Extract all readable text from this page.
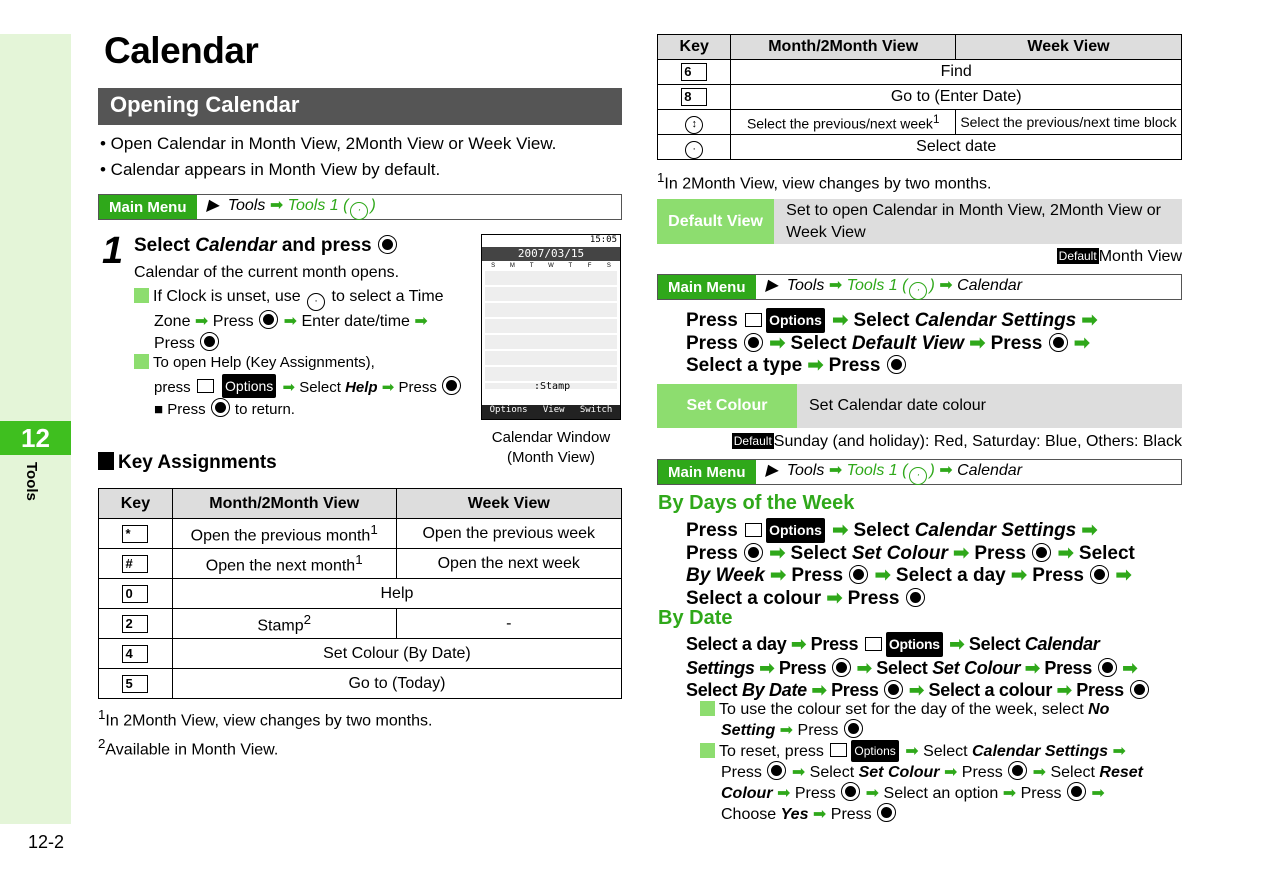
12
Tools
12-2
Calendar
Opening Calendar
• Open Calendar in Month View, 2Month View or Week View.
• Calendar appears in Month View by default.
Main Menu	▶  Tools ➡ Tools 1 ( · )
1 Select Calendar and press
Calendar of the current month opens.
If Clock is unset, use · to select a Time
Zone ➡ Press ➡ Enter date/time ➡
Press
To open Help (Key Assignments),
press Options ➡ Select Help ➡ Press
■ Press to return.
15:05
2007/03/15
S	M	T	W	T	F	S
:Stamp
Options View Switch
Calendar Window
(Month View)
Key Assignments
Key	Month/2Month View	Week View
*	Open the previous month$^1$	Open the previous week
#	Open the next month$^1$	Open the next week
0	Help	
2	Stamp$^2$	-
4	Set Colour (By Date)	
5	Go to (Today)	
$^1$In 2Month View, view changes by two months.
$^2$Available in Month View.
Key	Month/2Month View	Week View
6	Find	
8	Go to (Enter Date)	
↕	Select the previous/next week$^1$	Select the previous/next time block
·	Select date	
$^1$In 2Month View, view changes by two months.
Default View
Set to open Calendar in Month View, 2Month View or Week View
Default Month View
Main Menu	▶  Tools ➡ Tools 1 ( · ) ➡ Calendar
Press Options ➡ Select Calendar Settings ➡
Press ➡ Select Default View ➡ Press ➡
Select a type ➡ Press
Set Colour	Set Calendar date colour
Default Sunday (and holiday): Red, Saturday: Blue, Others: Black
Main Menu	▶  Tools ➡ Tools 1 ( · ) ➡ Calendar
By Days of the Week
Press Options ➡ Select Calendar Settings ➡
Press ➡ Select Set Colour ➡ Press ➡ Select
By Week ➡ Press ➡ Select a day ➡ Press ➡
Select a colour ➡ Press
By Date
Select a day ➡ Press Options ➡ Select Calendar
Settings ➡ Press ➡ Select Set Colour ➡ Press ➡
Select By Date ➡ Press ➡ Select a colour ➡ Press
To use the colour set for the day of the week, select No
Setting ➡ Press
To reset, press	Options ➡ Select Calendar Settings ➡
Press ➡ Select Set Colour ➡ Press ➡ Select Reset
Colour ➡ Press ➡ Select an option ➡ Press ➡
Choose Yes ➡ Press
